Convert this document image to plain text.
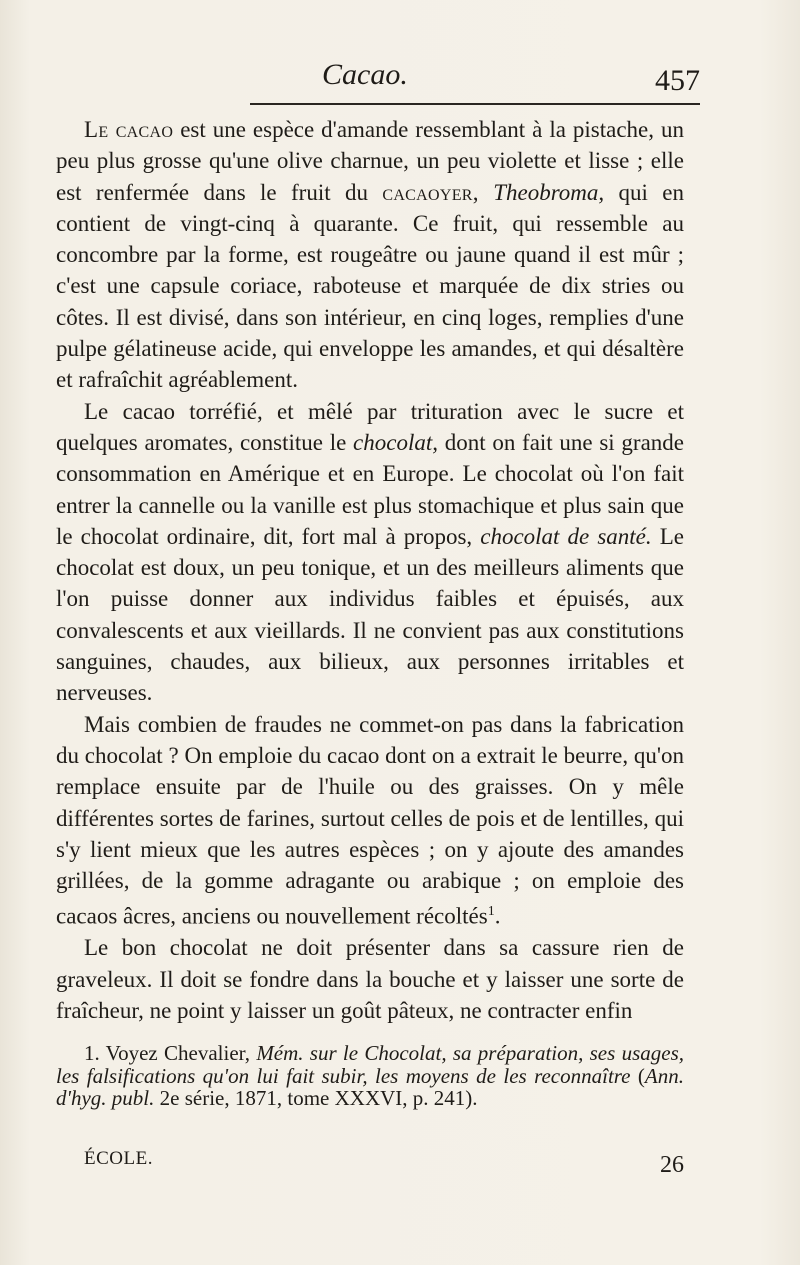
Cacao.	457

Le cacao est une espèce d'amande ressemblant à la pistache, un peu plus grosse qu'une olive charnue, un peu violette et lisse ; elle est renfermée dans le fruit du cacaoyer, Theobroma, qui en contient de vingt-cinq à quarante. Ce fruit, qui ressemble au concombre par la forme, est rougeâtre ou jaune quand il est mûr ; c'est une capsule coriace, raboteuse et marquée de dix stries ou côtes. Il est divisé, dans son intérieur, en cinq loges, remplies d'une pulpe gélatineuse acide, qui enveloppe les amandes, et qui désaltère et rafraîchit agréablement.

Le cacao torréfié, et mêlé par trituration avec le sucre et quelques aromates, constitue le chocolat, dont on fait une si grande consommation en Amérique et en Europe. Le chocolat où l'on fait entrer la cannelle ou la vanille est plus stomachique et plus sain que le chocolat ordinaire, dit, fort mal à propos, chocolat de santé. Le chocolat est doux, un peu tonique, et un des meilleurs aliments que l'on puisse donner aux individus faibles et épuisés, aux convalescents et aux vieillards. Il ne convient pas aux constitutions sanguines, chaudes, aux bilieux, aux personnes irritables et nerveuses.

Mais combien de fraudes ne commet-on pas dans la fabrication du chocolat ? On emploie du cacao dont on a extrait le beurre, qu'on remplace ensuite par de l'huile ou des graisses. On y mêle différentes sortes de farines, surtout celles de pois et de lentilles, qui s'y lient mieux que les autres espèces ; on y ajoute des amandes grillées, de la gomme adragante ou arabique ; on emploie des cacaos âcres, anciens ou nouvellement récoltés$^1$.

Le bon chocolat ne doit présenter dans sa cassure rien de graveleux. Il doit se fondre dans la bouche et y laisser une sorte de fraîcheur, ne point y laisser un goût pâteux, ne contracter enfin

1. Voyez Chevalier, Mém. sur le Chocolat, sa préparation, ses usages, les falsifications qu'on lui fait subir, les moyens de les reconnaître (Ann. d'hyg. publ. 2e série, 1871, tome XXXVI, p. 241).

ÉCOLE.	26
